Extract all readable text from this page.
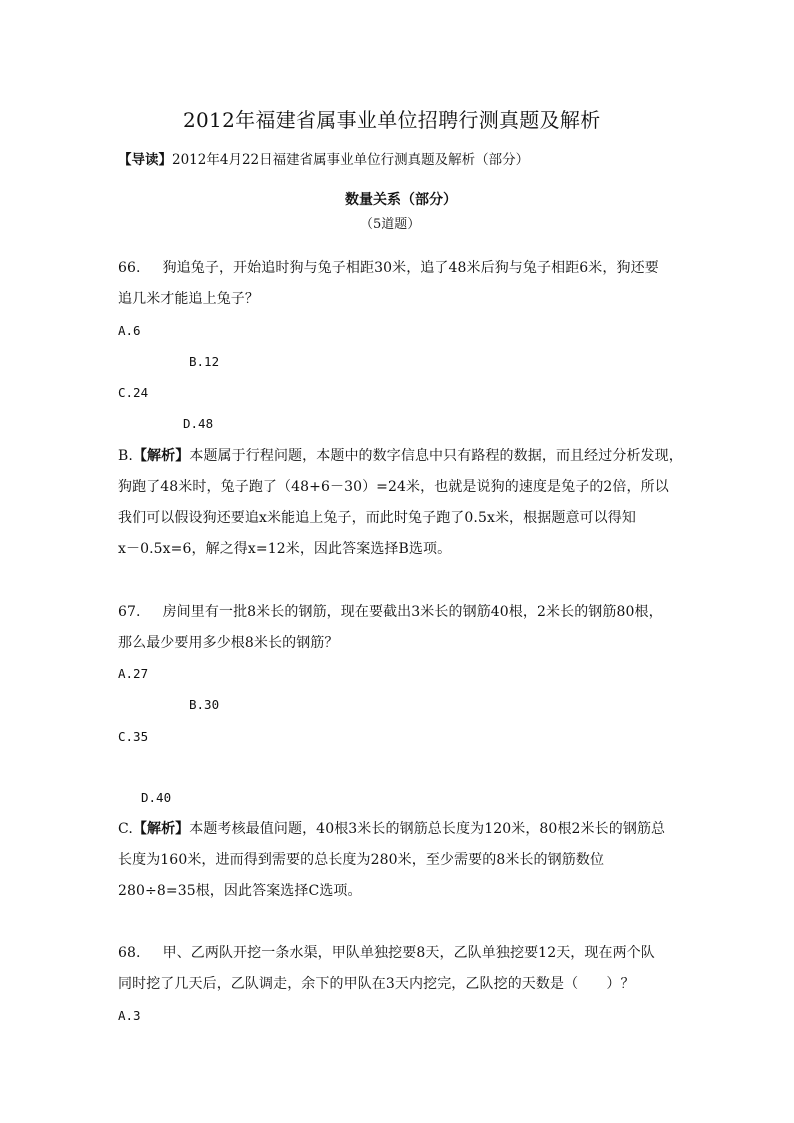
2012年福建省属事业单位招聘行测真题及解析
【导读】2012年4月22日福建省属事业单位行测真题及解析（部分）
数量关系（部分）
（5道题）
66. 狗追兔子，开始追时狗与兔子相距30米，追了48米后狗与兔子相距6米，狗还要
追几米才能追上兔子？
A.6
B.12
C.24
D.48
B.【解析】本题属于行程问题，本题中的数字信息中只有路程的数据，而且经过分析发现，
狗跑了48米时，兔子跑了（48+6－30）=24米，也就是说狗的速度是兔子的2倍，所以
我们可以假设狗还要追x米能追上兔子，而此时兔子跑了0.5x米，根据题意可以得知
x－0.5x=6，解之得x=12米，因此答案选择B选项。
67. 房间里有一批8米长的钢筋，现在要截出3米长的钢筋40根，2米长的钢筋80根，
那么最少要用多少根8米长的钢筋？
A.27
B.30
C.35
D.40
C.【解析】本题考核最值问题，40根3米长的钢筋总长度为120米，80根2米长的钢筋总
长度为160米，进而得到需要的总长度为280米，至少需要的8米长的钢筋数位
280÷8=35根，因此答案选择C选项。
68. 甲、乙两队开挖一条水渠，甲队单独挖要8天，乙队单独挖要12天，现在两个队
同时挖了几天后，乙队调走，余下的甲队在3天内挖完，乙队挖的天数是（　　）？
A.3
